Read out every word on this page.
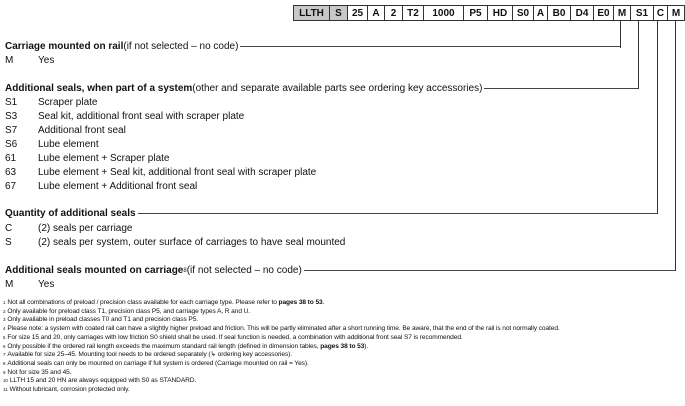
LLTH	S	25 A	2	T2	1000	P5	HD S0 A B0	D4 E0 M S1 C M
Carriage mounted on rail (if not selected – no code)
M Yes
Additional seals, when part of a system (other and separate available parts see ordering key accessories)
S1 Scraper plate
S3 Seal kit, additional front seal with scraper plate
S7 Additional front seal
S6 Lube element
61 Lube element + Scraper plate
63 Lube element + Seal kit, additional front seal with scraper plate
67 Lube element + Additional front seal
Quantity of additional seals
C	(2) seals per carriage
S	(2) seals per system, outer surface of carriages to have seal mounted
Additional seals mounted on carriage 8 (if not selected – no code)
M Yes
$^1$ Not all combinations of preload / precision class available for each carriage type. Please refer to pages 38 to 53.
$^2$ Only available for preload class T1, precision class P5, and carriage types A, R and U.
$^3$ Only available in preload classes T0 and T1 and precision class P5.
$^4$ Please note: a system with coated rail can have a slightly higher preload and friction. This will be partly eliminated after a short running time. Be aware, that the end of the rail is not normally coated.
$^5$ For size 15 and 20, only carriages with low friction S0 shield shall be used. If seal function is needed, a combination with additional front seal S7 is recommended.
$^6$ Only possible if the ordered rail length exceeds the maximum standard rail length (defined in dimension tables, pages 38 to 53).
$^7$ Available for size 25–45. Mounting tool needs to be ordered separately (↳ ordering key accessories).
$^8$ Additional seals can only be mounted on carriage if full system is ordered (Carriage mounted on rail = Yes).
$^9$ Not for size 35 and 45.
$^{10}$ LLTH 15 and 20 HN are always equipped with S0 as STANDARD.
$^{11}$ Without lubricant, corrosion protected only.
